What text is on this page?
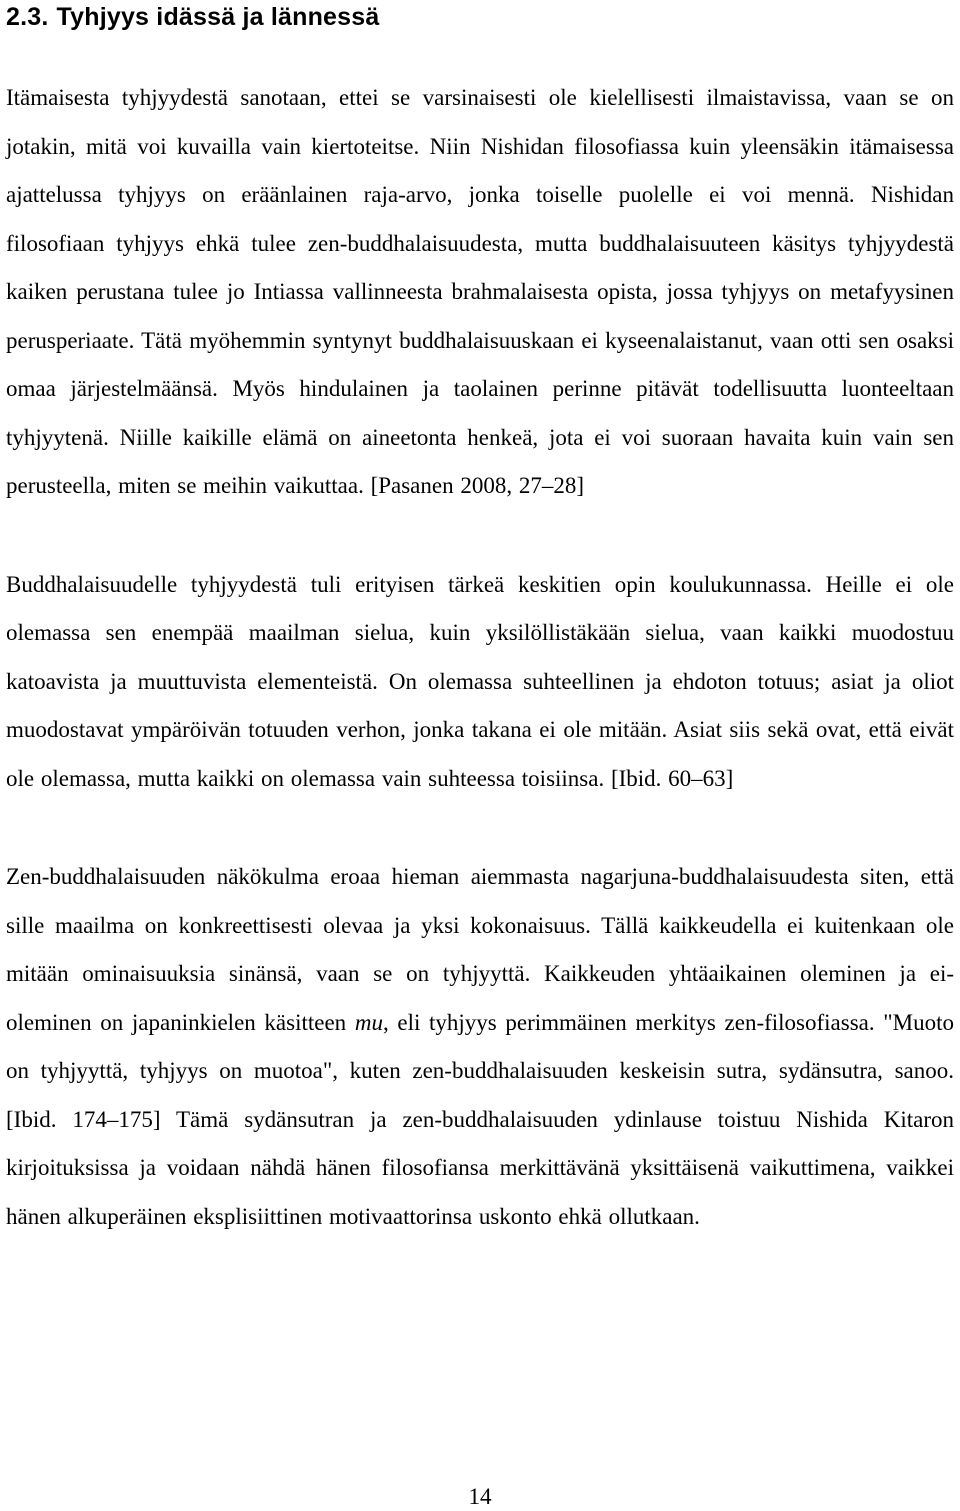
2.3. Tyhjyys idässä ja lännessä

Itämaisesta tyhjyydestä sanotaan, ettei se varsinaisesti ole kielellisesti ilmaistavissa, vaan se on jotakin, mitä voi kuvailla vain kiertoteitse. Niin Nishidan filosofiassa kuin yleensäkin itämaisessa ajattelussa tyhjyys on eräänlainen raja-arvo, jonka toiselle puolelle ei voi mennä. Nishidan filosofiaan tyhjyys ehkä tulee zen-buddhalaisuudesta, mutta buddhalaisuuteen käsitys tyhjyydestä kaiken perustana tulee jo Intiassa vallinneesta brahmalaisesta opista, jossa tyhjyys on metafyysinen perusperiaate. Tätä myöhemmin syntynyt buddhalaisuuskaan ei kyseenalaistanut, vaan otti sen osaksi omaa järjestelmäänsä. Myös hindulainen ja taolainen perinne pitävät todellisuutta luonteeltaan tyhjyytenä. Niille kaikille elämä on aineetonta henkeä, jota ei voi suoraan havaita kuin vain sen perusteella, miten se meihin vaikuttaa. [Pasanen 2008, 27–28]

Buddhalaisuudelle tyhjyydestä tuli erityisen tärkeä keskitien opin koulukunnassa. Heille ei ole olemassa sen enempää maailman sielua, kuin yksilöllistäkään sielua, vaan kaikki muodostuu katoavista ja muuttuvista elementeistä. On olemassa suhteellinen ja ehdoton totuus; asiat ja oliot muodostavat ympäröivän totuuden verhon, jonka takana ei ole mitään. Asiat siis sekä ovat, että eivät ole olemassa, mutta kaikki on olemassa vain suhteessa toisiinsa. [Ibid. 60–63]

Zen-buddhalaisuuden näkökulma eroaa hieman aiemmasta nagarjuna-buddhalaisuudesta siten, että sille maailma on konkreettisesti olevaa ja yksi kokonaisuus. Tällä kaikkeudella ei kuitenkaan ole mitään ominaisuuksia sinänsä, vaan se on tyhjyyttä. Kaikkeuden yhtäaikainen oleminen ja ei-oleminen on japaninkielen käsitteen mu, eli tyhjyys perimmäinen merkitys zen-filosofiassa. "Muoto on tyhjyyttä, tyhjyys on muotoa", kuten zen-buddhalaisuuden keskeisin sutra, sydänsutra, sanoo. [Ibid. 174–175] Tämä sydänsutran ja zen-buddhalaisuuden ydinlause toistuu Nishida Kitaron kirjoituksissa ja voidaan nähdä hänen filosofiansa merkittävänä yksittäisenä vaikuttimena, vaikkei hänen alkuperäinen eksplisiittinen motivaattorinsa uskonto ehkä ollutkaan.

14
